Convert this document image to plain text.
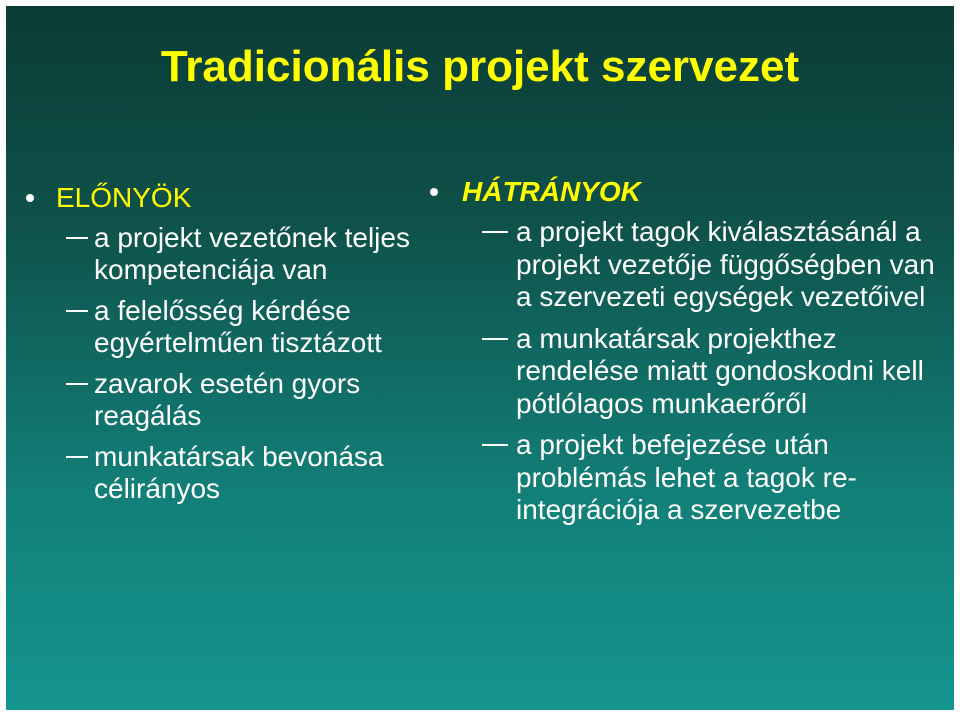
Tradicionális projekt szervezet
ELŐNYÖK
a projekt vezetőnek teljes kompetenciája van
a felelősség kérdése egyértelműen tisztázott
zavarok esetén gyors reagálás
munkatársak bevonása célirányos
HÁTRÁNYOK
a projekt tagok kiválasztásánál a projekt vezetője függőségben van a szervezeti egységek vezetőivel
a munkatársak projekthez rendelése miatt gondoskodni kell pótlólagos munkaerőről
a projekt befejezése után problémás lehet a tagok re-integrációja a szervezetbe
